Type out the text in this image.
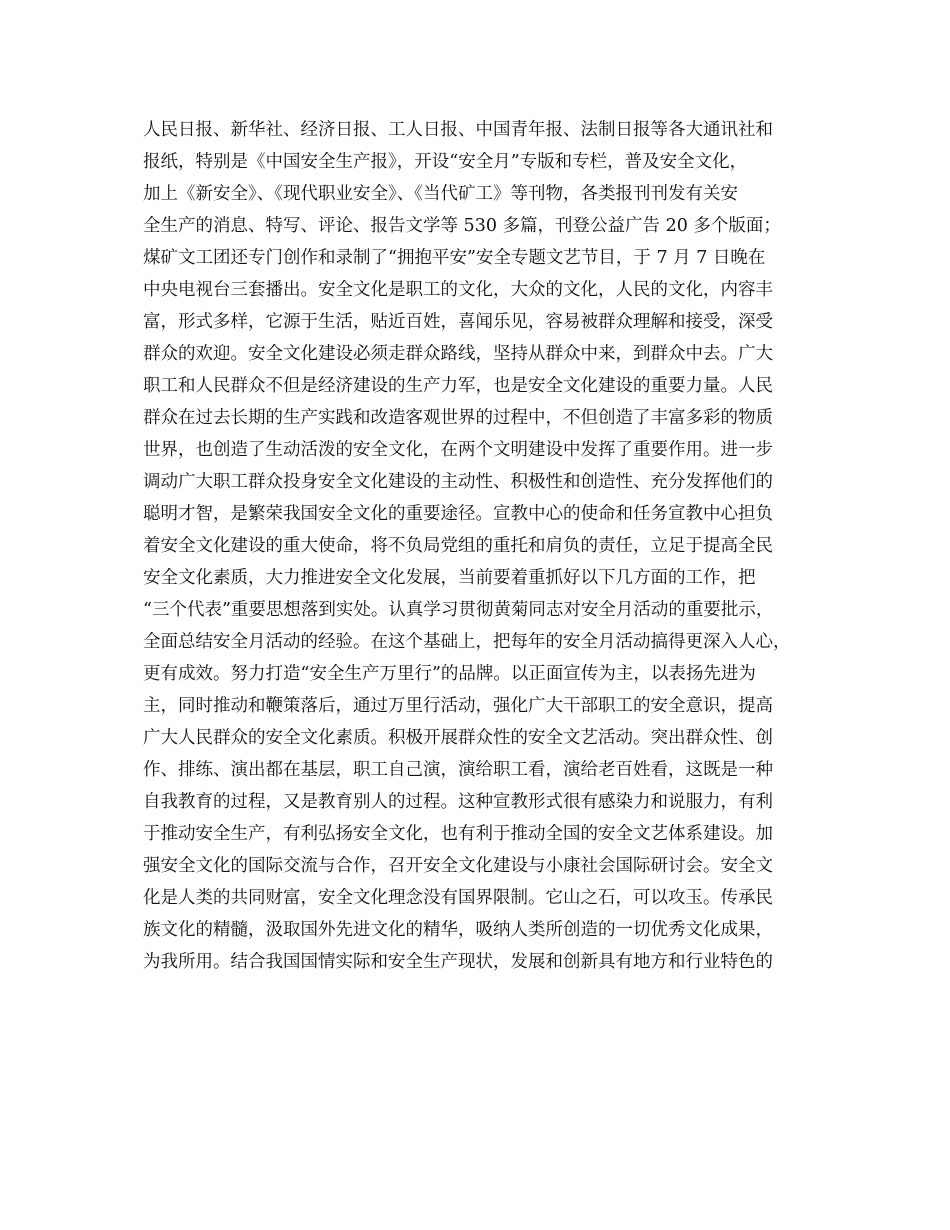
人民日报、新华社、经济日报、工人日报、中国青年报、法制日报等各大通讯社和
报纸，特别是《中国安全生产报》，开设“安全月”专版和专栏，普及安全文化，
加上《新安全》、《现代职业安全》、《当代矿工》等刊物，各类报刊刊发有关安
全生产的消息、特写、评论、报告文学等 530 多篇，刊登公益广告 20 多个版面；
煤矿文工团还专门创作和录制了“拥抱平安”安全专题文艺节目，于 7 月 7 日晚在
中央电视台三套播出。安全文化是职工的文化，大众的文化，人民的文化，内容丰
富，形式多样，它源于生活，贴近百姓，喜闻乐见，容易被群众理解和接受，深受
群众的欢迎。安全文化建设必须走群众路线，坚持从群众中来，到群众中去。广大
职工和人民群众不但是经济建设的生产力军，也是安全文化建设的重要力量。人民
群众在过去长期的生产实践和改造客观世界的过程中，不但创造了丰富多彩的物质
世界，也创造了生动活泼的安全文化，在两个文明建设中发挥了重要作用。进一步
调动广大职工群众投身安全文化建设的主动性、积极性和创造性、充分发挥他们的
聪明才智，是繁荣我国安全文化的重要途径。宣教中心的使命和任务宣教中心担负
着安全文化建设的重大使命，将不负局党组的重托和肩负的责任，立足于提高全民
安全文化素质，大力推进安全文化发展，当前要着重抓好以下几方面的工作，把
“三个代表”重要思想落到实处。认真学习贯彻黄菊同志对安全月活动的重要批示，
全面总结安全月活动的经验。在这个基础上，把每年的安全月活动搞得更深入人心，
更有成效。努力打造“安全生产万里行”的品牌。以正面宣传为主，以表扬先进为
主，同时推动和鞭策落后，通过万里行活动，强化广大干部职工的安全意识，提高
广大人民群众的安全文化素质。积极开展群众性的安全文艺活动。突出群众性、创
作、排练、演出都在基层，职工自己演，演给职工看，演给老百姓看，这既是一种
自我教育的过程，又是教育别人的过程。这种宣教形式很有感染力和说服力，有利
于推动安全生产，有利弘扬安全文化，也有利于推动全国的安全文艺体系建设。加
强安全文化的国际交流与合作，召开安全文化建设与小康社会国际研讨会。安全文
化是人类的共同财富，安全文化理念没有国界限制。它山之石，可以攻玉。传承民
族文化的精髓，汲取国外先进文化的精华，吸纳人类所创造的一切优秀文化成果，
为我所用。结合我国国情实际和安全生产现状，发展和创新具有地方和行业特色的
